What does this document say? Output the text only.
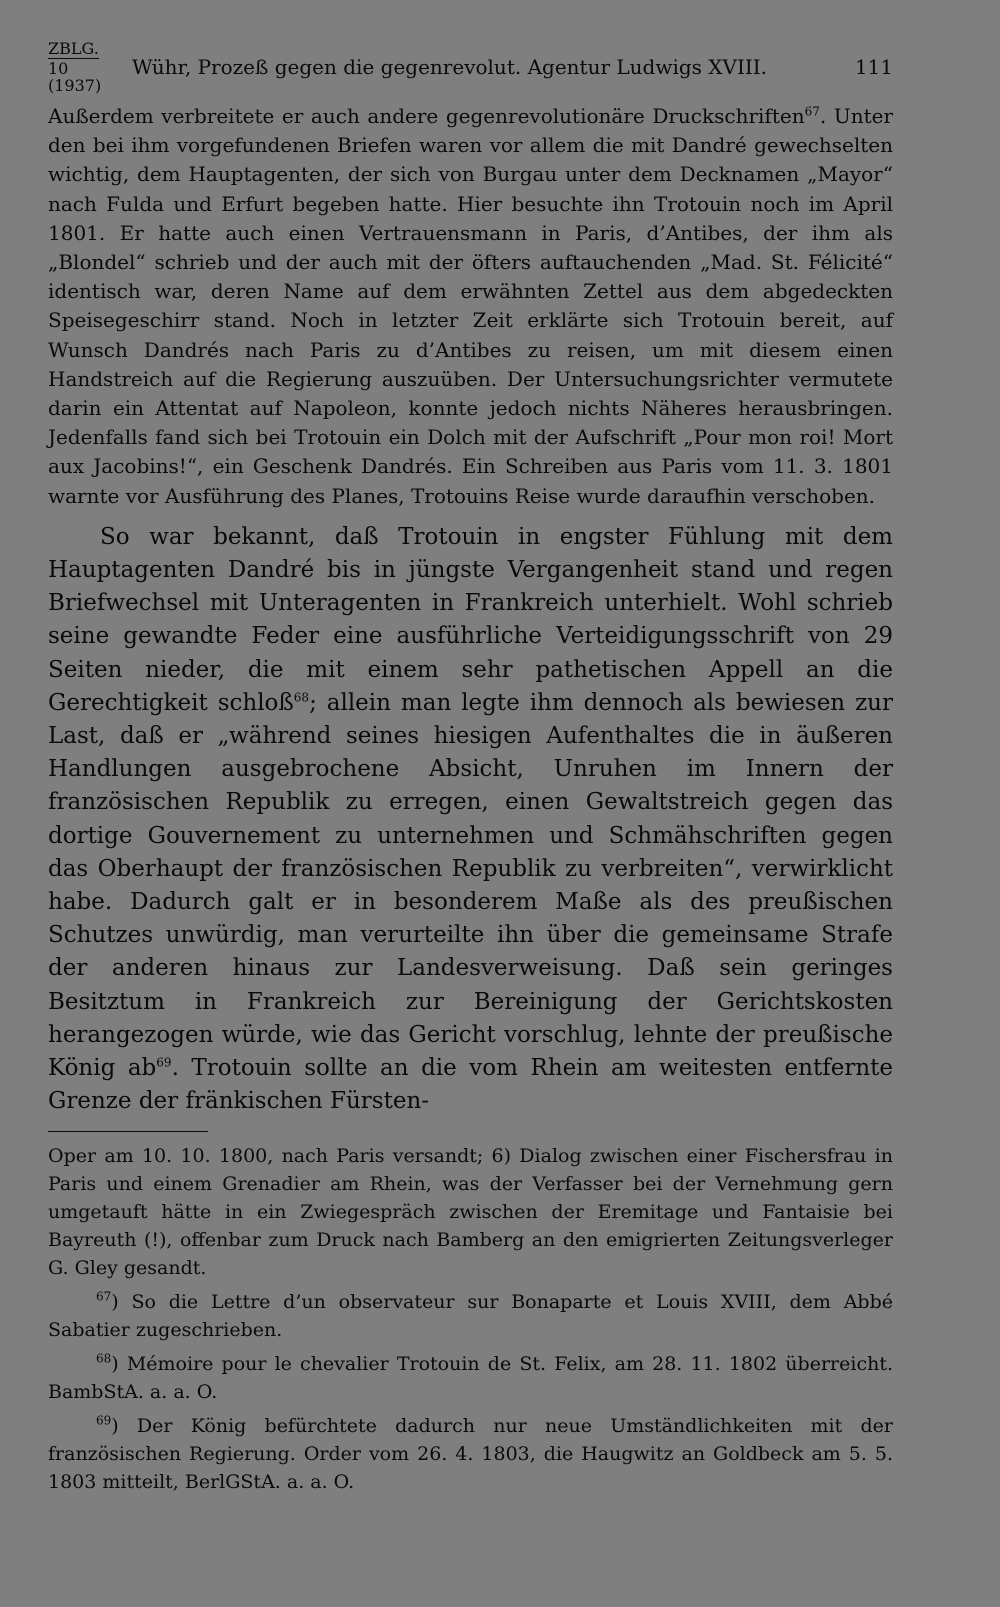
ZBLG.
10 (1937)
Wühr, Prozeß gegen die gegenrevolut. Agentur Ludwigs XVIII.	111

Außerdem verbreitete er auch andere gegenrevolutionäre Druckschriften$^{67}$. Unter den bei ihm vorgefundenen Briefen waren vor allem die mit Dandré gewechselten wichtig, dem Hauptagenten, der sich von Burgau unter dem Decknamen „Mayor“ nach Fulda und Erfurt begeben hatte. Hier besuchte ihn Trotouin noch im April 1801. Er hatte auch einen Vertrauensmann in Paris, d’Antibes, der ihm als „Blondel“ schrieb und der auch mit der öfters auftauchenden „Mad. St. Félicité“ identisch war, deren Name auf dem erwähnten Zettel aus dem abgedeckten Speisegeschirr stand. Noch in letzter Zeit erklärte sich Trotouin bereit, auf Wunsch Dandrés nach Paris zu d’Antibes zu reisen, um mit diesem einen Handstreich auf die Regierung auszuüben. Der Untersuchungsrichter vermutete darin ein Attentat auf Napoleon, konnte jedoch nichts Näheres herausbringen. Jedenfalls fand sich bei Trotouin ein Dolch mit der Aufschrift „Pour mon roi! Mort aux Jacobins!“, ein Geschenk Dandrés. Ein Schreiben aus Paris vom 11. 3. 1801 warnte vor Ausführung des Planes, Trotouins Reise wurde daraufhin verschoben.

So war bekannt, daß Trotouin in engster Fühlung mit dem Hauptagenten Dandré bis in jüngste Vergangenheit stand und regen Briefwechsel mit Unteragenten in Frankreich unterhielt. Wohl schrieb seine gewandte Feder eine ausführliche Verteidigungsschrift von 29 Seiten nieder, die mit einem sehr pathetischen Appell an die Gerechtigkeit schloß$^{68}$; allein man legte ihm dennoch als bewiesen zur Last, daß er „während seines hiesigen Aufenthaltes die in äußeren Handlungen ausgebrochene Absicht, Unruhen im Innern der französischen Republik zu erregen, einen Gewaltstreich gegen das dortige Gouvernement zu unternehmen und Schmähschriften gegen das Oberhaupt der französischen Republik zu verbreiten“, verwirklicht habe. Dadurch galt er in besonderem Maße als des preußischen Schutzes unwürdig, man verurteilte ihn über die gemeinsame Strafe der anderen hinaus zur Landesverweisung. Daß sein geringes Besitztum in Frankreich zur Bereinigung der Gerichtskosten herangezogen würde, wie das Gericht vorschlug, lehnte der preußische König $ab^{69}$. Trotouin sollte an die vom Rhein am weitesten entfernte Grenze der fränkischen Fürsten-

Oper am 10. 10. 1800, nach Paris versandt; 6) Dialog zwischen einer Fischersfrau in Paris und einem Grenadier am Rhein, was der Verfasser bei der Vernehmung gern umgetauft hätte in ein Zwiegespräch zwischen der Eremitage und Fantaisie bei Bayreuth (!), offenbar zum Druck nach Bamberg an den emigrierten Zeitungsverleger G. Gley gesandt.

$^{67}$) So die Lettre d’un observateur sur Bonaparte et Louis XVIII, dem Abbé Sabatier zugeschrieben.

$^{68}$) Mémoire pour le chevalier Trotouin de St. Felix, am 28. 11. 1802 überreicht. BambStA. a. a. O.

$^{69}$) Der König befürchtete dadurch nur neue Umständlichkeiten mit der französischen Regierung. Order vom 26. 4. 1803, die Haugwitz an Goldbeck am 5. 5. 1803 mitteilt, BerlGStA. a. a. O.
